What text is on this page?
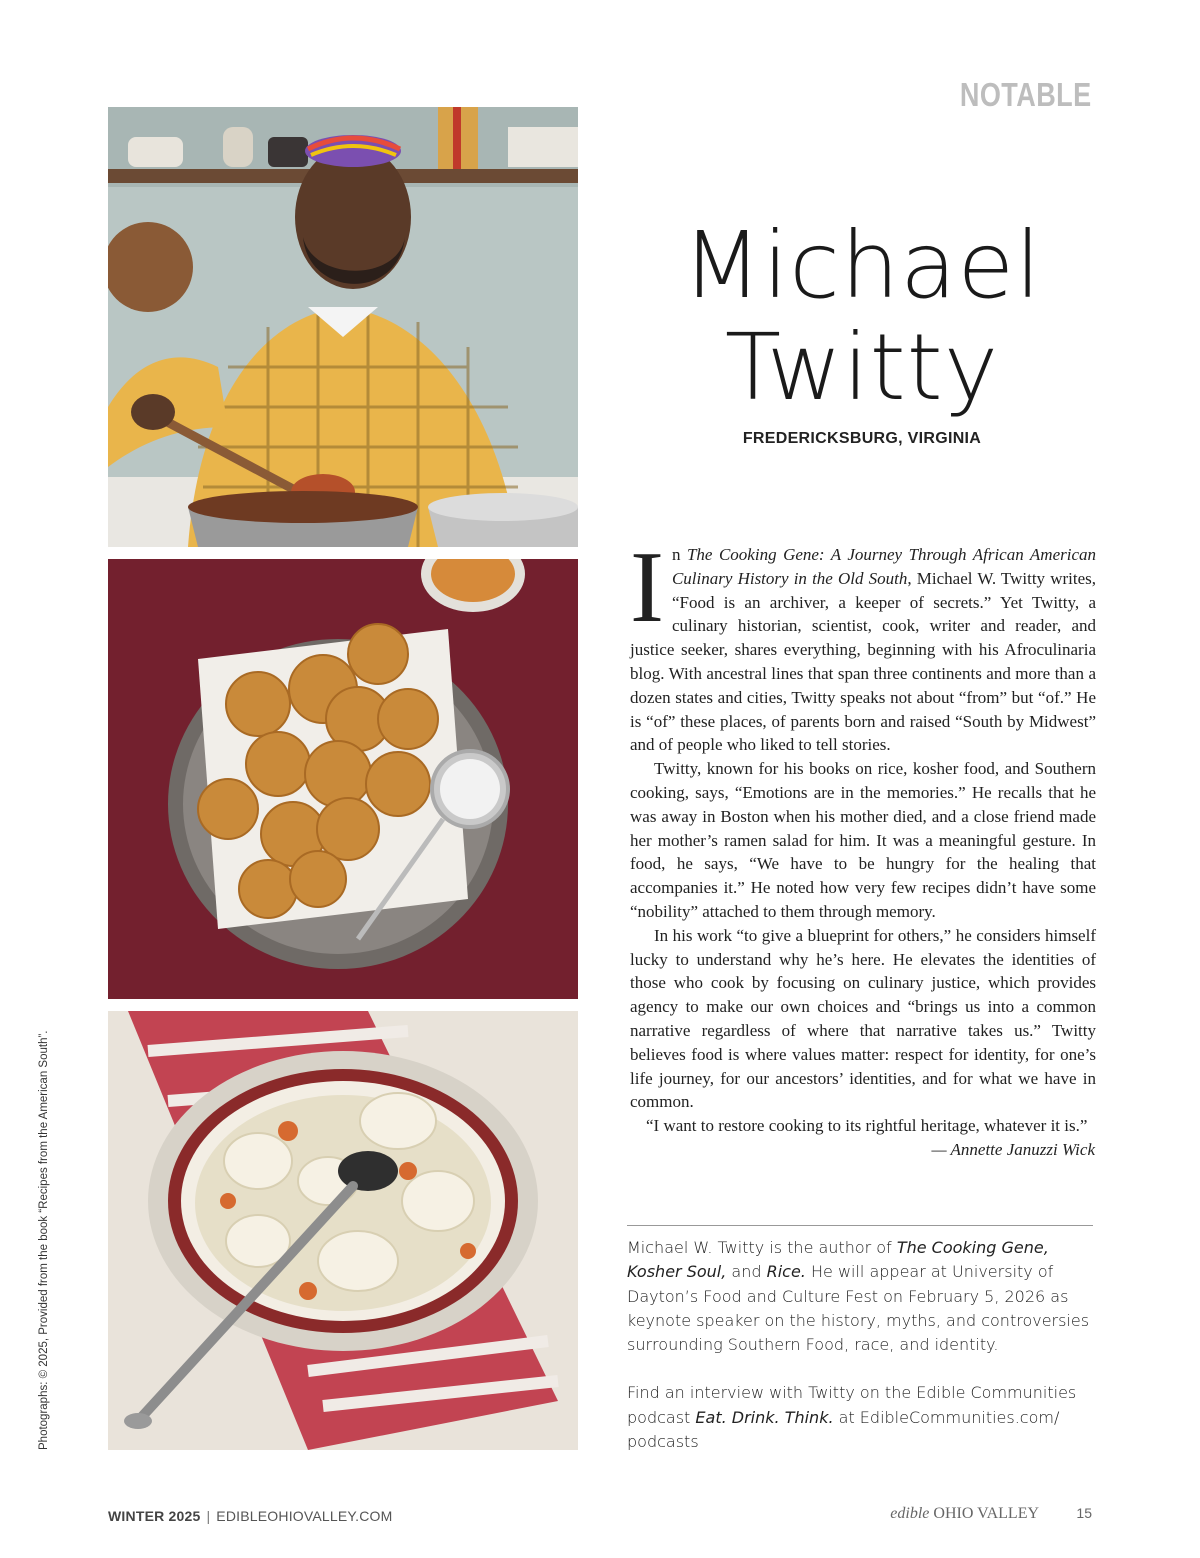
NOTABLE
Photographs: © 2025, Provided from the book “Recipes from the American South”.
Michael
Twitty
FREDERICKSBURG, VIRGINIA

In The Cooking Gene: A Journey Through African American Culinary History in the Old South, Michael W. Twitty writes, “Food is an archiver, a keeper of secrets.” Yet Twitty, a culinary historian, scientist, cook, writer and reader, and justice seeker, shares everything, beginning with his Afroculinaria blog. With ancestral lines that span three continents and more than a dozen states and cities, Twitty speaks not about “from” but “of.” He is “of” these places, of parents born and raised “South by Midwest” and of people who liked to tell stories.

Twitty, known for his books on rice, kosher food, and Southern cooking, says, “Emotions are in the memories.” He recalls that he was away in Boston when his mother died, and a close friend made her mother’s ramen salad for him. It was a meaningful gesture. In food, he says, “We have to be hungry for the healing that accompanies it.” He noted how very few recipes didn’t have some “nobility” attached to them through memory.

In his work “to give a blueprint for others,” he considers himself lucky to understand why he’s here. He elevates the identities of those who cook by focusing on culinary justice, which provides agency to make our own choices and “brings us into a common narrative regardless of where that narrative takes us.” Twitty believes food is where values matter: respect for identity, for one’s life journey, for our ancestors’ identities, and for what we have in common.

“I want to restore cooking to its rightful heritage, whatever it is.”

— Annette Januzzi Wick

Michael W. Twitty is the author of The Cooking Gene, Kosher Soul, and Rice. He will appear at University of Dayton’s Food and Culture Fest on February 5, 2026 as keynote speaker on the history, myths, and controversies surrounding Southern Food, race, and identity.

Find an interview with Twitty on the Edible Communities podcast Eat. Drink. Think. at EdibleCommunities.com/ podcasts

WINTER 2025 | EDIBLEOHIOVALLEY.COM	edible OHIO VALLEY	15
